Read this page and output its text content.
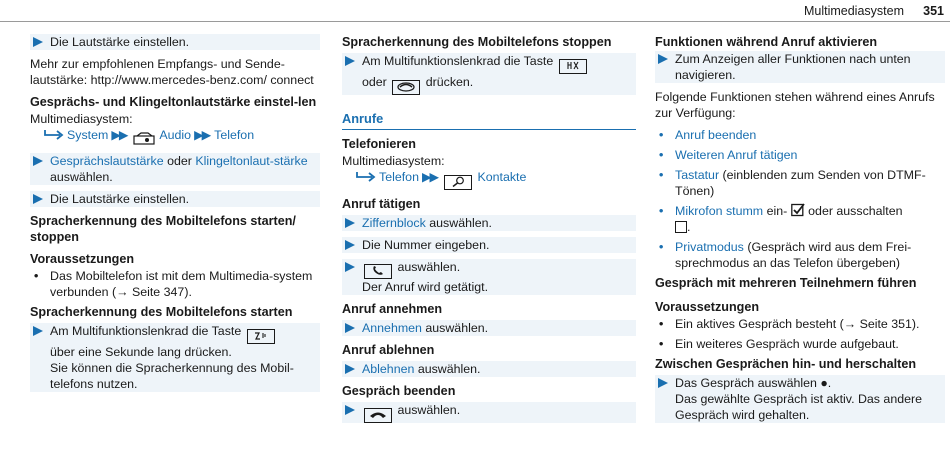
Multimediasystem 351
Die Lautstärke einstellen.

Mehr zur empfohlenen Empfangs- und Sende-lautstärke: http://www.mercedes-benz.com/ connect

Gesprächs- und Klingeltonlautstärke einstel-len

Multimediasystem:

System ▶▶	Audio ▶▶ Telefon
Gesprächslautstärke oder Klingeltonlaut-stärke auswählen.
Die Lautstärke einstellen.
Spracherkennung des Mobiltelefons starten/ stoppen
Voraussetzungen
• Das Mobiltelefon ist mit dem Multimedia-system verbunden (→ Seite 347).
Spracherkennung des Mobiltelefons starten
Am Multifunktionslenkrad die Taste
über eine Sekunde lang drücken.
Sie können die Spracherkennung des Mobil-telefons nutzen.
Spracherkennung des Mobiltelefons stoppen
Am Multifunktionslenkrad die Taste
oder	drücken.
Anrufe
Telefonieren

Multimediasystem:

Telefon ▶▶	Kontakte
Anruf tätigen
Ziffernblock auswählen.
Die Nummer eingeben.
auswählen.
Der Anruf wird getätigt.
Anruf annehmen
Annehmen auswählen.
Anruf ablehnen
Ablehnen auswählen.
Gespräch beenden
auswählen.
Funktionen während Anruf aktivieren
Zum Anzeigen aller Funktionen nach unten navigieren.

Folgende Funktionen stehen während eines Anrufs zur Verfügung:

• Anruf beenden
• Weiteren Anruf tätigen
• Tastatur (einblenden zum Senden von DTMF-Tönen)
• Mikrofon stumm ein- oder ausschalten
.
• Privatmodus (Gespräch wird aus dem Frei-sprechmodus an das Telefon übergeben)
Gespräch mit mehreren Teilnehmern führen
Voraussetzungen
• Ein aktives Gespräch besteht (→ Seite 351).
• Ein weiteres Gespräch wurde aufgebaut.
Zwischen Gesprächen hin- und herschalten
Das Gespräch auswählen ●.
Das gewählte Gespräch ist aktiv. Das andere Gespräch wird gehalten.
